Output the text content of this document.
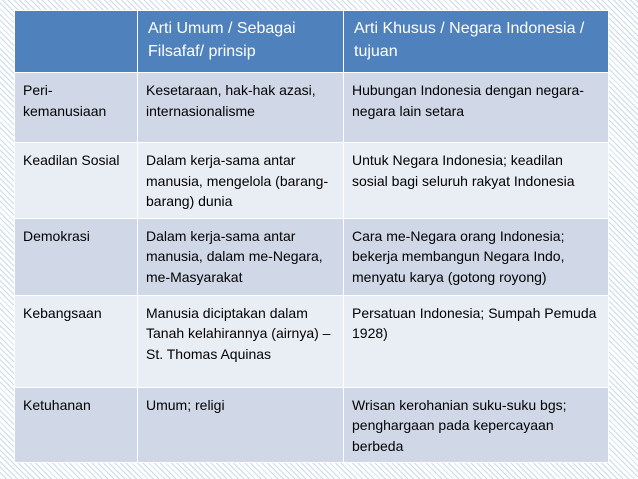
	Arti Umum / Sebagai Filsafaf/ prinsip	Arti Khusus / Negara Indonesia / tujuan
Peri-kemanusiaan	Kesetaraan, hak-hak azasi, internasionalisme	Hubungan Indonesia dengan negara-negara lain setara
Keadilan Sosial	Dalam kerja-sama antar manusia, mengelola (barang-barang) dunia	Untuk Negara Indonesia; keadilan sosial bagi seluruh rakyat Indonesia
Demokrasi	Dalam kerja-sama antar manusia, dalam me-Negara, me-Masyarakat	Cara me-Negara orang Indonesia; bekerja membangun Negara Indo, menyatu karya (gotong royong)
Kebangsaan	Manusia diciptakan dalam Tanah kelahirannya (airnya) – St. Thomas Aquinas	Persatuan Indonesia; Sumpah Pemuda 1928)
Ketuhanan	Umum; religi	Wrisan kerohanian suku-suku bgs; penghargaan pada kepercayaan berbeda
